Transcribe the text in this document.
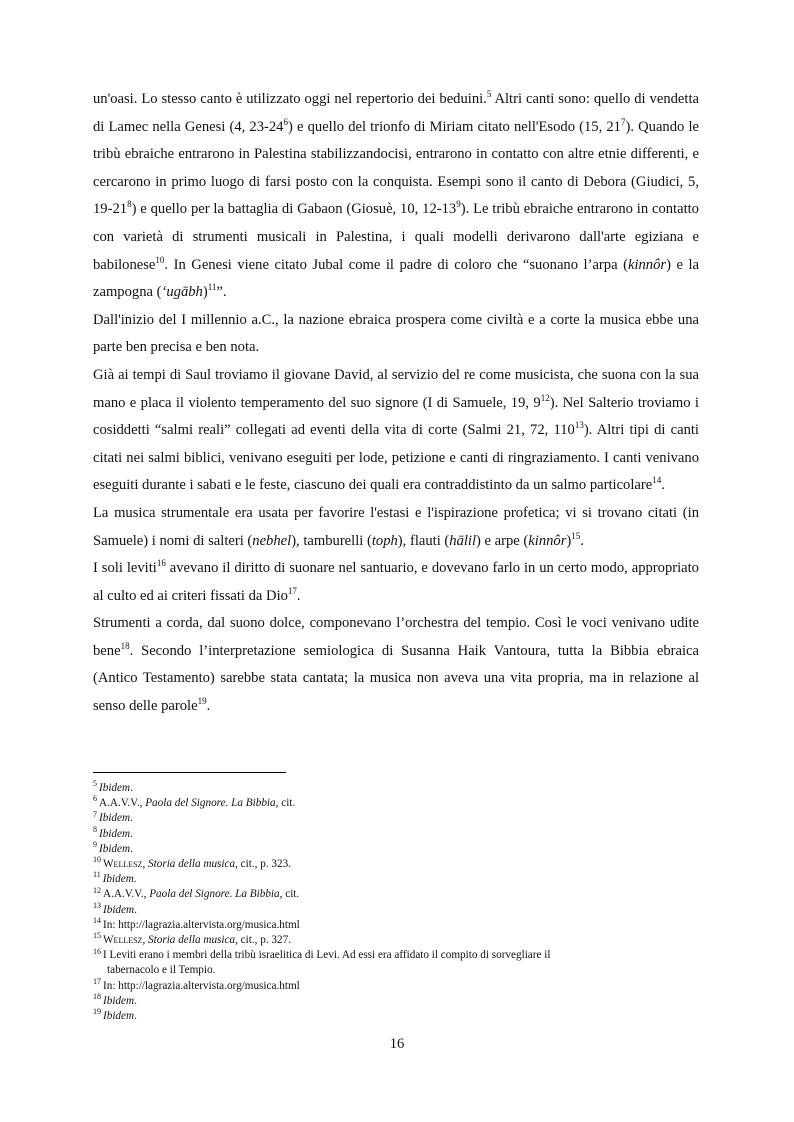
un'oasi. Lo stesso canto è utilizzato oggi nel repertorio dei beduini.$^5$ Altri canti sono: quello di vendetta di Lamec nella Genesi (4, $23-24^6$) e quello del trionfo di Miriam citato nell'Esodo (15, $21^7$). Quando le tribù ebraiche entrarono in Palestina stabilizzandocisi, entrarono in contatto con altre etnie differenti, e cercarono in primo luogo di farsi posto con la conquista. Esempi sono il canto di Debora (Giudici, 5, $19-21^8$) e quello per la battaglia di Gabaon (Giosuè, 10, $12-13^9$). Le tribù ebraiche entrarono in contatto con varietà di strumenti musicali in Palestina, i quali modelli derivarono dall'arte egiziana e babilonese$^{10}$. In Genesi viene citato Jubal come il padre di coloro che “suonano l’arpa (kinnôr) e la zampogna (‘ugābh)$^{11}$”.

Dall'inizio del I millennio a.C., la nazione ebraica prospera come civiltà e a corte la musica ebbe una parte ben precisa e ben nota.

Già ai tempi di Saul troviamo il giovane David, al servizio del re come musicista, che suona con la sua mano e placa il violento temperamento del suo signore (I di Samuele, 19, $9^{12}$). Nel Salterio troviamo i cosiddetti “salmi reali” collegati ad eventi della vita di corte (Salmi 21, 72, $110^{13}$). Altri tipi di canti citati nei salmi biblici, venivano eseguiti per lode, petizione e canti di ringraziamento. I canti venivano eseguiti durante i sabati e le feste, ciascuno dei quali era contraddistinto da un salmo particolare$^{14}$.

La musica strumentale era usata per favorire l'estasi e l'ispirazione profetica; vi si trovano citati (in Samuele) i nomi di salteri (nebhel), tamburelli (toph), flauti (hālil) e arpe (kinnôr)$^{15}$.

I soli leviti$^{16}$ avevano il diritto di suonare nel santuario, e dovevano farlo in un certo modo, appropriato al culto ed ai criteri fissati da Dio$^{17}$.

Strumenti a corda, dal suono dolce, componevano l’orchestra del tempio. Così le voci venivano udite bene$^{18}$. Secondo l’interpretazione semiologica di Susanna Haik Vantoura, tutta la Bibbia ebraica (Antico Testamento) sarebbe stata cantata; la musica non aveva una vita propria, ma in relazione al senso delle parole$^{19}$.

$^5$ Ibidem.
$^6$ A.A.V.V., Paola del Signore. La Bibbia, cit.
$^7$ Ibidem.
$^8$ Ibidem.
$^9$ Ibidem.
$^{10}$ Wellesz, Storia della musica, cit., p. 323.
$^{11}$ Ibidem.
$^{12}$ A.A.V.V., Paola del Signore. La Bibbia, cit.
$^{13}$ Ibidem.
$^{14}$ In: http://lagrazia.altervista.org/musica.html
$^{15}$ Wellesz, Storia della musica, cit., p. 327.
$^{16}$ I Leviti erano i membri della tribù israelitica di Levi. Ad essi era affidato il compito di sorvegliare il
tabernacolo e il Tempio.
$^{17}$ In: http://lagrazia.altervista.org/musica.html
$^{18}$ Ibidem.
$^{19}$ Ibidem.
16
